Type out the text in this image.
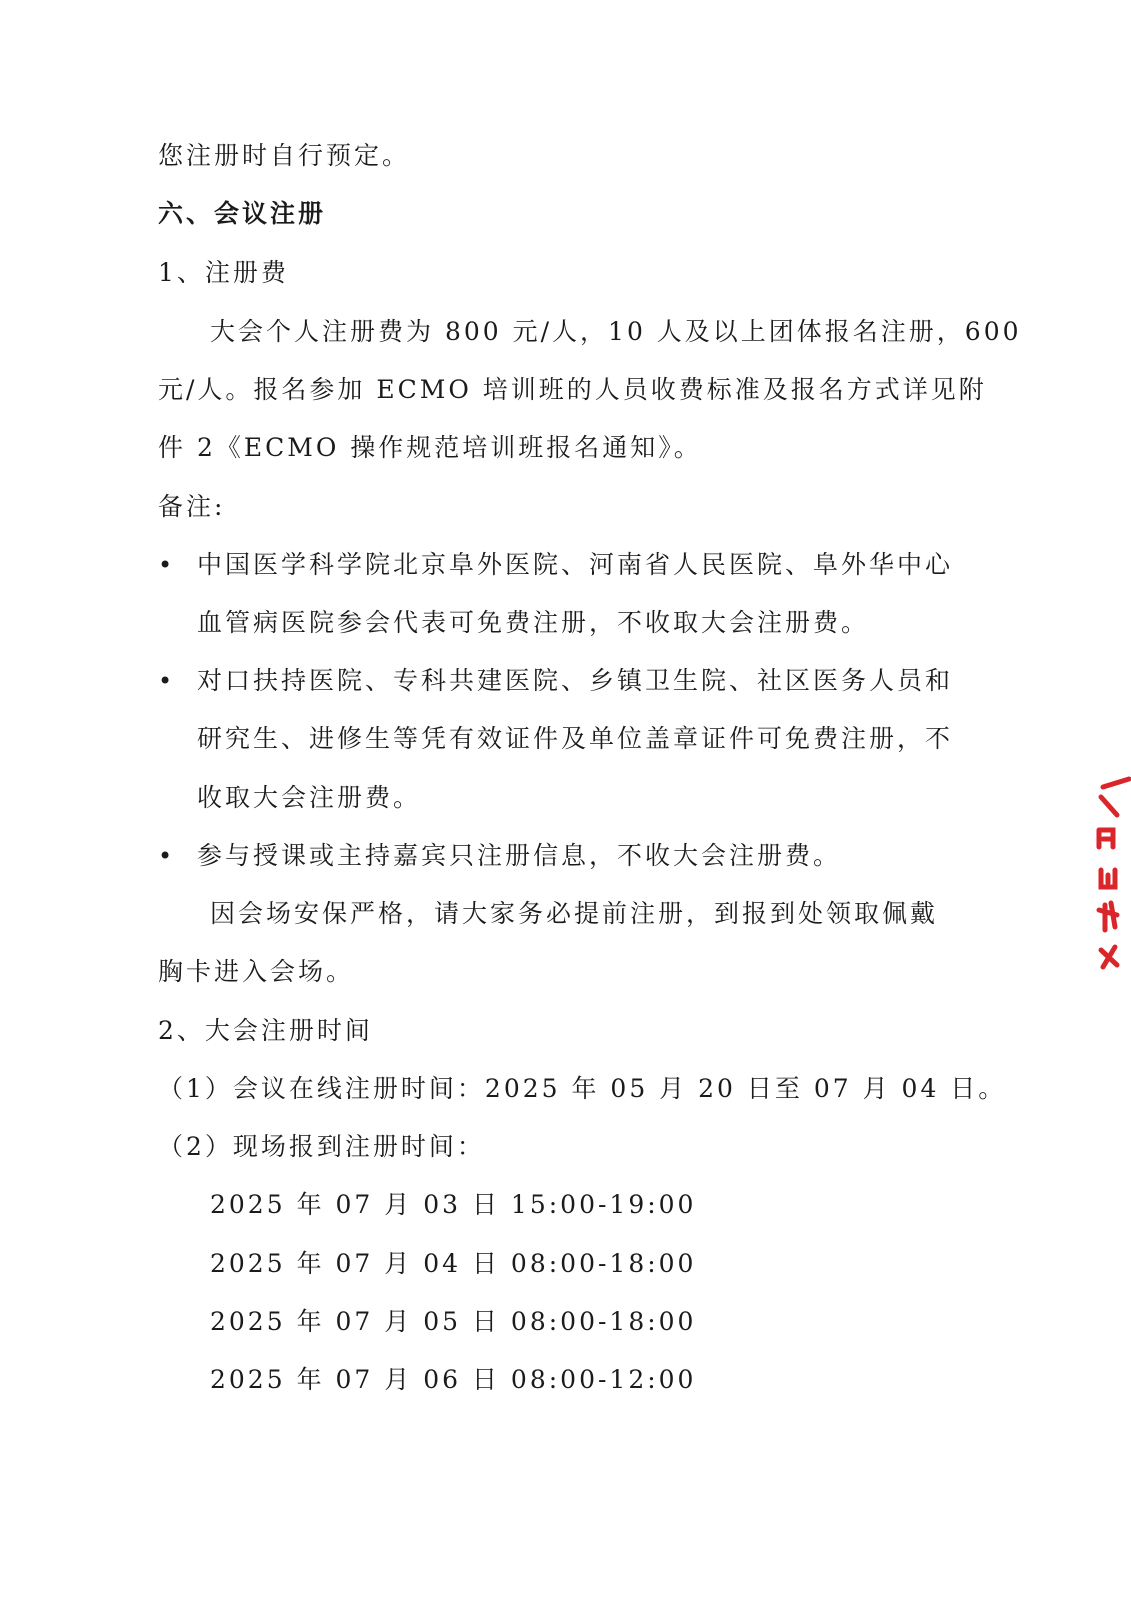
您注册时自行预定。
六、会议注册
1、注册费
大会个人注册费为 800 元/人，10 人及以上团体报名注册，600
元/人。报名参加 ECMO 培训班的人员收费标准及报名方式详见附
件 2《ECMO 操作规范培训班报名通知》。
备注:
• 中国医学科学院北京阜外医院、河南省人民医院、阜外华中心
血管病医院参会代表可免费注册，不收取大会注册费。
• 对口扶持医院、专科共建医院、乡镇卫生院、社区医务人员和
研究生、进修生等凭有效证件及单位盖章证件可免费注册，不
收取大会注册费。
• 参与授课或主持嘉宾只注册信息，不收大会注册费。
因会场安保严格，请大家务必提前注册，到报到处领取佩戴
胸卡进入会场。
2、大会注册时间
（1）会议在线注册时间：2025 年 05 月 20 日至 07 月 04 日。
（2）现场报到注册时间：
2025 年 07 月 03 日 15:00-19:00
2025 年 07 月 04 日 08:00-18:00
2025 年 07 月 05 日 08:00-18:00
2025 年 07 月 06 日 08:00-12:00
